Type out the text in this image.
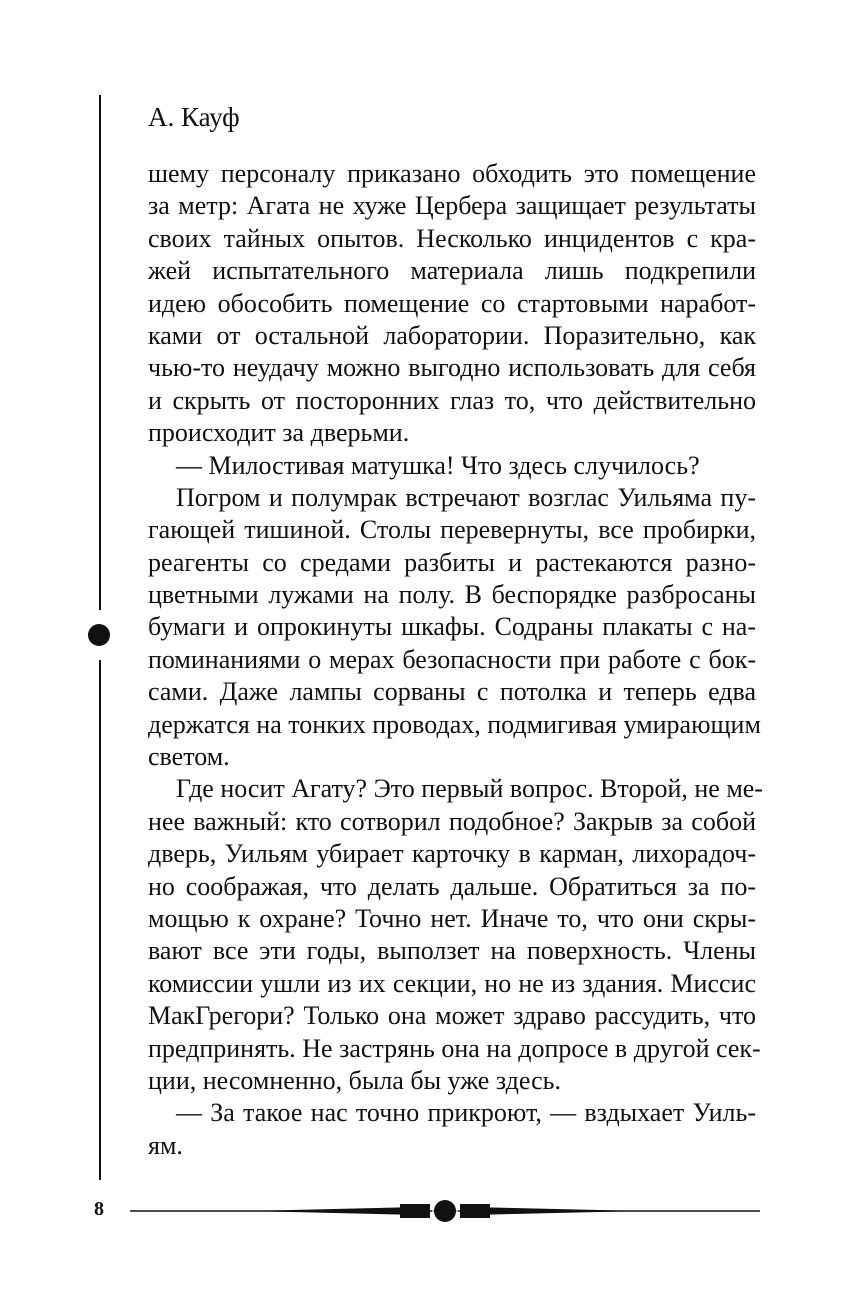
А. Кауф
шему персоналу приказано обходить это помещение
за метр: Агата не хуже Цербера защищает результаты
своих тайных опытов. Несколько инцидентов с кра-
жей испытательного материала лишь подкрепили
идею обособить помещение со стартовыми наработ-
ками от остальной лаборатории. Поразительно, как
чью-то неудачу можно выгодно использовать для себя
и скрыть от посторонних глаз то, что действительно
происходит за дверьми.
— Милостивая матушка! Что здесь случилось?
Погром и полумрак встречают возглас Уильяма пу-
гающей тишиной. Столы перевернуты, все пробирки,
реагенты со средами разбиты и растекаются разно-
цветными лужами на полу. В беспорядке разбросаны
бумаги и опрокинуты шкафы. Содраны плакаты с на-
поминаниями о мерах безопасности при работе с бок-
сами. Даже лампы сорваны с потолка и теперь едва
держатся на тонких проводах, подмигивая умирающим
светом.
Где носит Агату? Это первый вопрос. Второй, не ме-
нее важный: кто сотворил подобное? Закрыв за собой
дверь, Уильям убирает карточку в карман, лихорадоч-
но соображая, что делать дальше. Обратиться за по-
мощью к охране? Точно нет. Иначе то, что они скры-
вают все эти годы, выползет на поверхность. Члены
комиссии ушли из их секции, но не из здания. Миссис
МакГрегори? Только она может здраво рассудить, что
предпринять. Не застрянь она на допросе в другой сек-
ции, несомненно, была бы уже здесь.
— За такое нас точно прикроют, — вздыхает Уиль-
ям.
8
